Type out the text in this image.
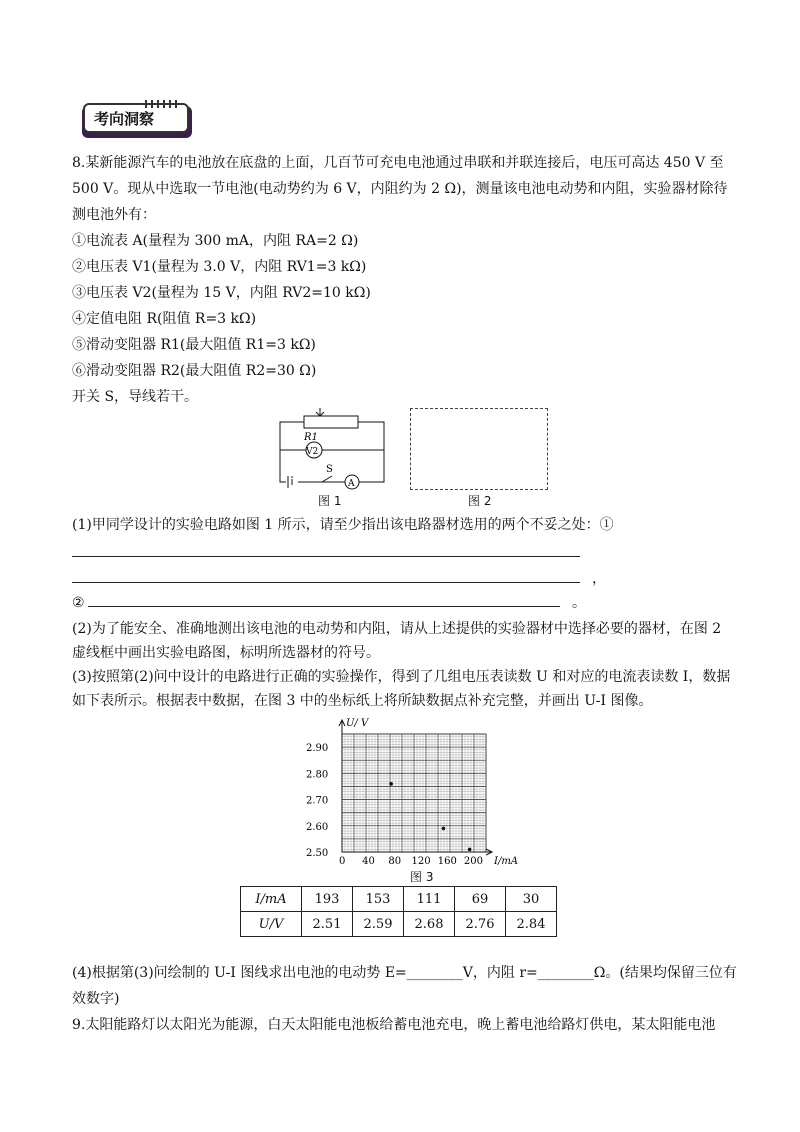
考向洞察
8.某新能源汽车的电池放在底盘的上面，几百节可充电电池通过串联和并联连接后，电压可高达 450 V 至
500 V。现从中选取一节电池(电动势约为 6 V，内阻约为 2 Ω)，测量该电池电动势和内阻，实验器材除待
测电池外有：
①电流表 A(量程为 300 mA，内阻 RA=2 Ω)
②电压表 V1(量程为 3.0 V，内阻 RV1=3 kΩ)
③电压表 V2(量程为 15 V，内阻 RV2=10 kΩ)
④定值电阻 R(阻值 R=3 kΩ)
⑤滑动变阻器 R1(最大阻值 R1=3 kΩ)
⑥滑动变阻器 R2(最大阻值 R2=30 Ω)
开关 S，导线若干。
R1
V2
S
A
图 1	图 2
(1)甲同学设计的实验电路如图 1 所示，请至少指出该电路器材选用的两个不妥之处：①
，
②	。
(2)为了能安全、准确地测出该电池的电动势和内阻，请从上述提供的实验器材中选择必要的器材，在图 2
虚线框中画出实验电路图，标明所选器材的符号。
(3)按照第(2)问中设计的电路进行正确的实验操作，得到了几组电压表读数 U 和对应的电流表读数 I，数据
如下表所示。根据表中数据，在图 3 中的坐标纸上将所缺数据点补充完整，并画出 U-I 图像。
U/ V
I/mA
2.90
2.80
2.70
2.60
2.50
0 40 80 120 160 200
图 3
I/mA	193	153	111	69	30
U/V	2.51	2.59	2.68	2.76	2.84
(4)根据第(3)问绘制的 U-I 图线求出电池的电动势 E=________V，内阻 r=________Ω。(结果均保留三位有
效数字)
9.太阳能路灯以太阳光为能源，白天太阳能电池板给蓄电池充电，晚上蓄电池给路灯供电，某太阳能电池
